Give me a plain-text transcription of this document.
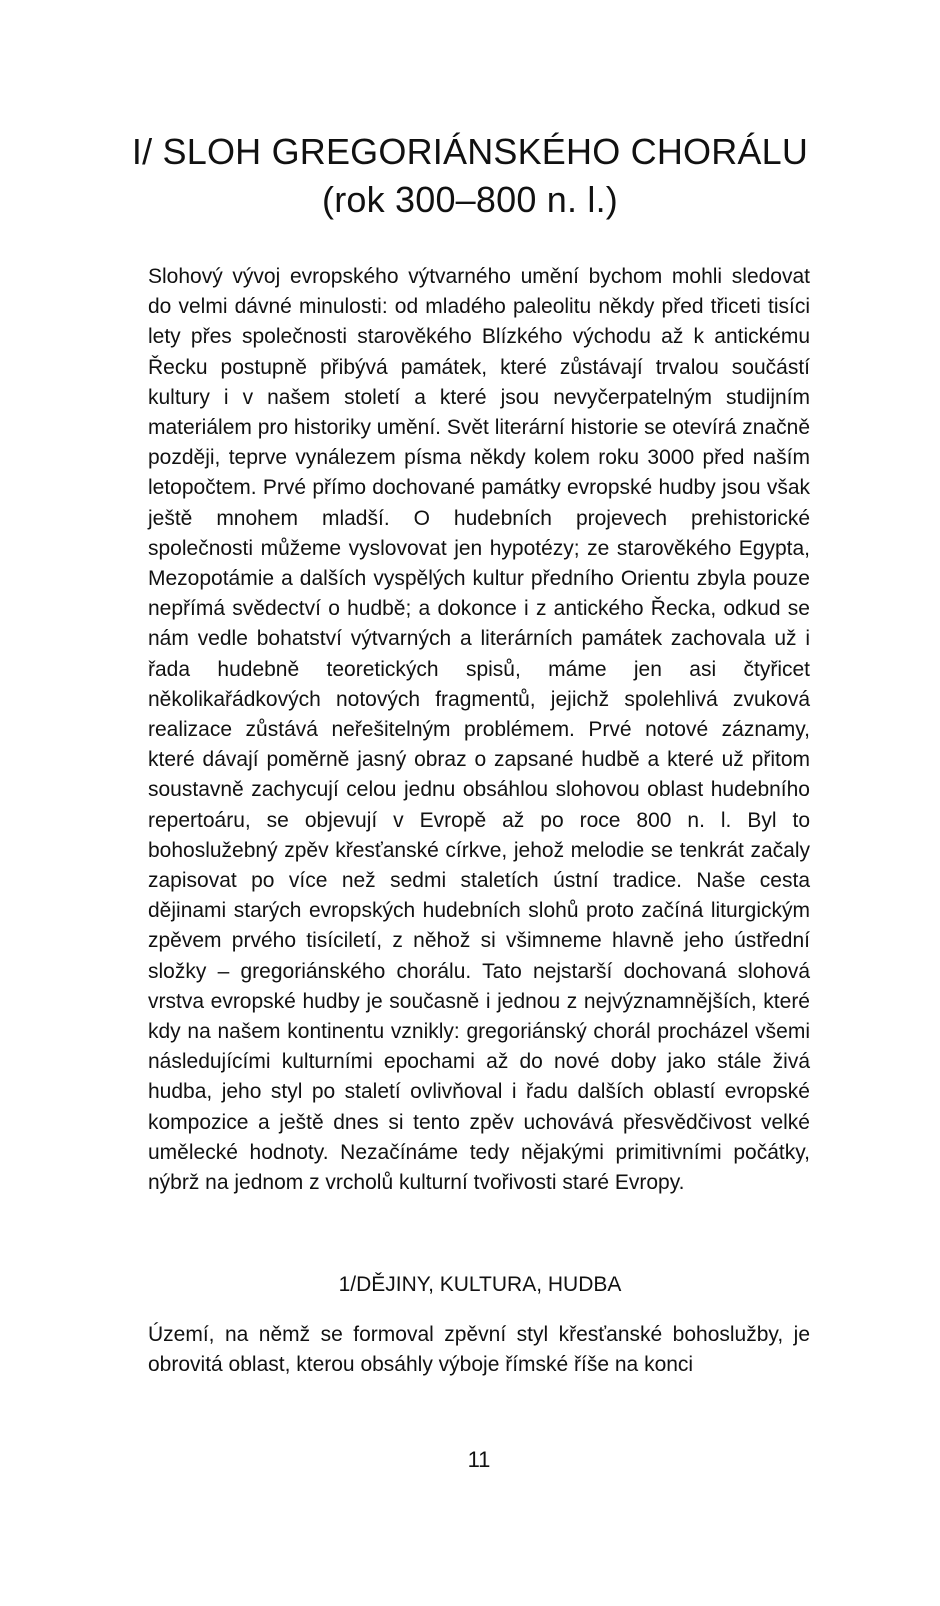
I/ SLOH GREGORIÁNSKÉHO CHORÁLU
(rok 300–800 n. l.)

Slohový vývoj evropského výtvarného umění bychom mohli sledovat do velmi dávné minulosti: od mladého paleolitu někdy před třiceti tisíci lety přes společnosti starověkého Blízkého východu až k antickému Řecku postupně přibývá památek, které zůstávají trvalou součástí kultury i v našem století a které jsou nevyčerpatelným studijním materiálem pro historiky umění. Svět literární historie se otevírá značně později, teprve vynálezem písma někdy kolem roku 3000 před naším letopočtem. Prvé přímo dochované památky evropské hudby jsou však ještě mnohem mladší. O hudebních projevech prehistorické společnosti můžeme vyslovovat jen hypotézy; ze starověkého Egypta, Mezopotámie a dalších vyspělých kultur předního Orientu zbyla pouze nepřímá svědectví o hudbě; a dokonce i z antického Řecka, odkud se nám vedle bohatství výtvarných a literárních památek zachovala už i řada hudebně teoretických spisů, máme jen asi čtyřicet několikařádkových notových fragmentů, jejichž spolehlivá zvuková realizace zůstává neřešitelným problémem. Prvé notové záznamy, které dávají poměrně jasný obraz o zapsané hudbě a které už přitom soustavně zachycují celou jednu obsáhlou slohovou oblast hudebního repertoáru, se objevují v Evropě až po roce 800 n. l. Byl to bohoslužebný zpěv křesťanské církve, jehož melodie se tenkrát začaly zapisovat po více než sedmi staletích ústní tradice. Naše cesta dějinami starých evropských hudebních slohů proto začíná liturgickým zpěvem prvého tisíciletí, z něhož si všimneme hlavně jeho ústřední složky – gregoriánského chorálu. Tato nejstarší dochovaná slohová vrstva evropské hudby je současně i jednou z nejvýznamnějších, které kdy na našem kontinentu vznikly: gregoriánský chorál procházel všemi následujícími kulturními epochami až do nové doby jako stále živá hudba, jeho styl po staletí ovlivňoval i řadu dalších oblastí evropské kompozice a ještě dnes si tento zpěv uchovává přesvědčivost velké umělecké hodnoty. Nezačínáme tedy nějakými primitivními počátky, nýbrž na jednom z vrcholů kulturní tvořivosti staré Evropy.

1/DĚJINY, KULTURA, HUDBA

Území, na němž se formoval zpěvní styl křesťanské bohoslužby, je obrovitá oblast, kterou obsáhly výboje římské říše na konci

11
